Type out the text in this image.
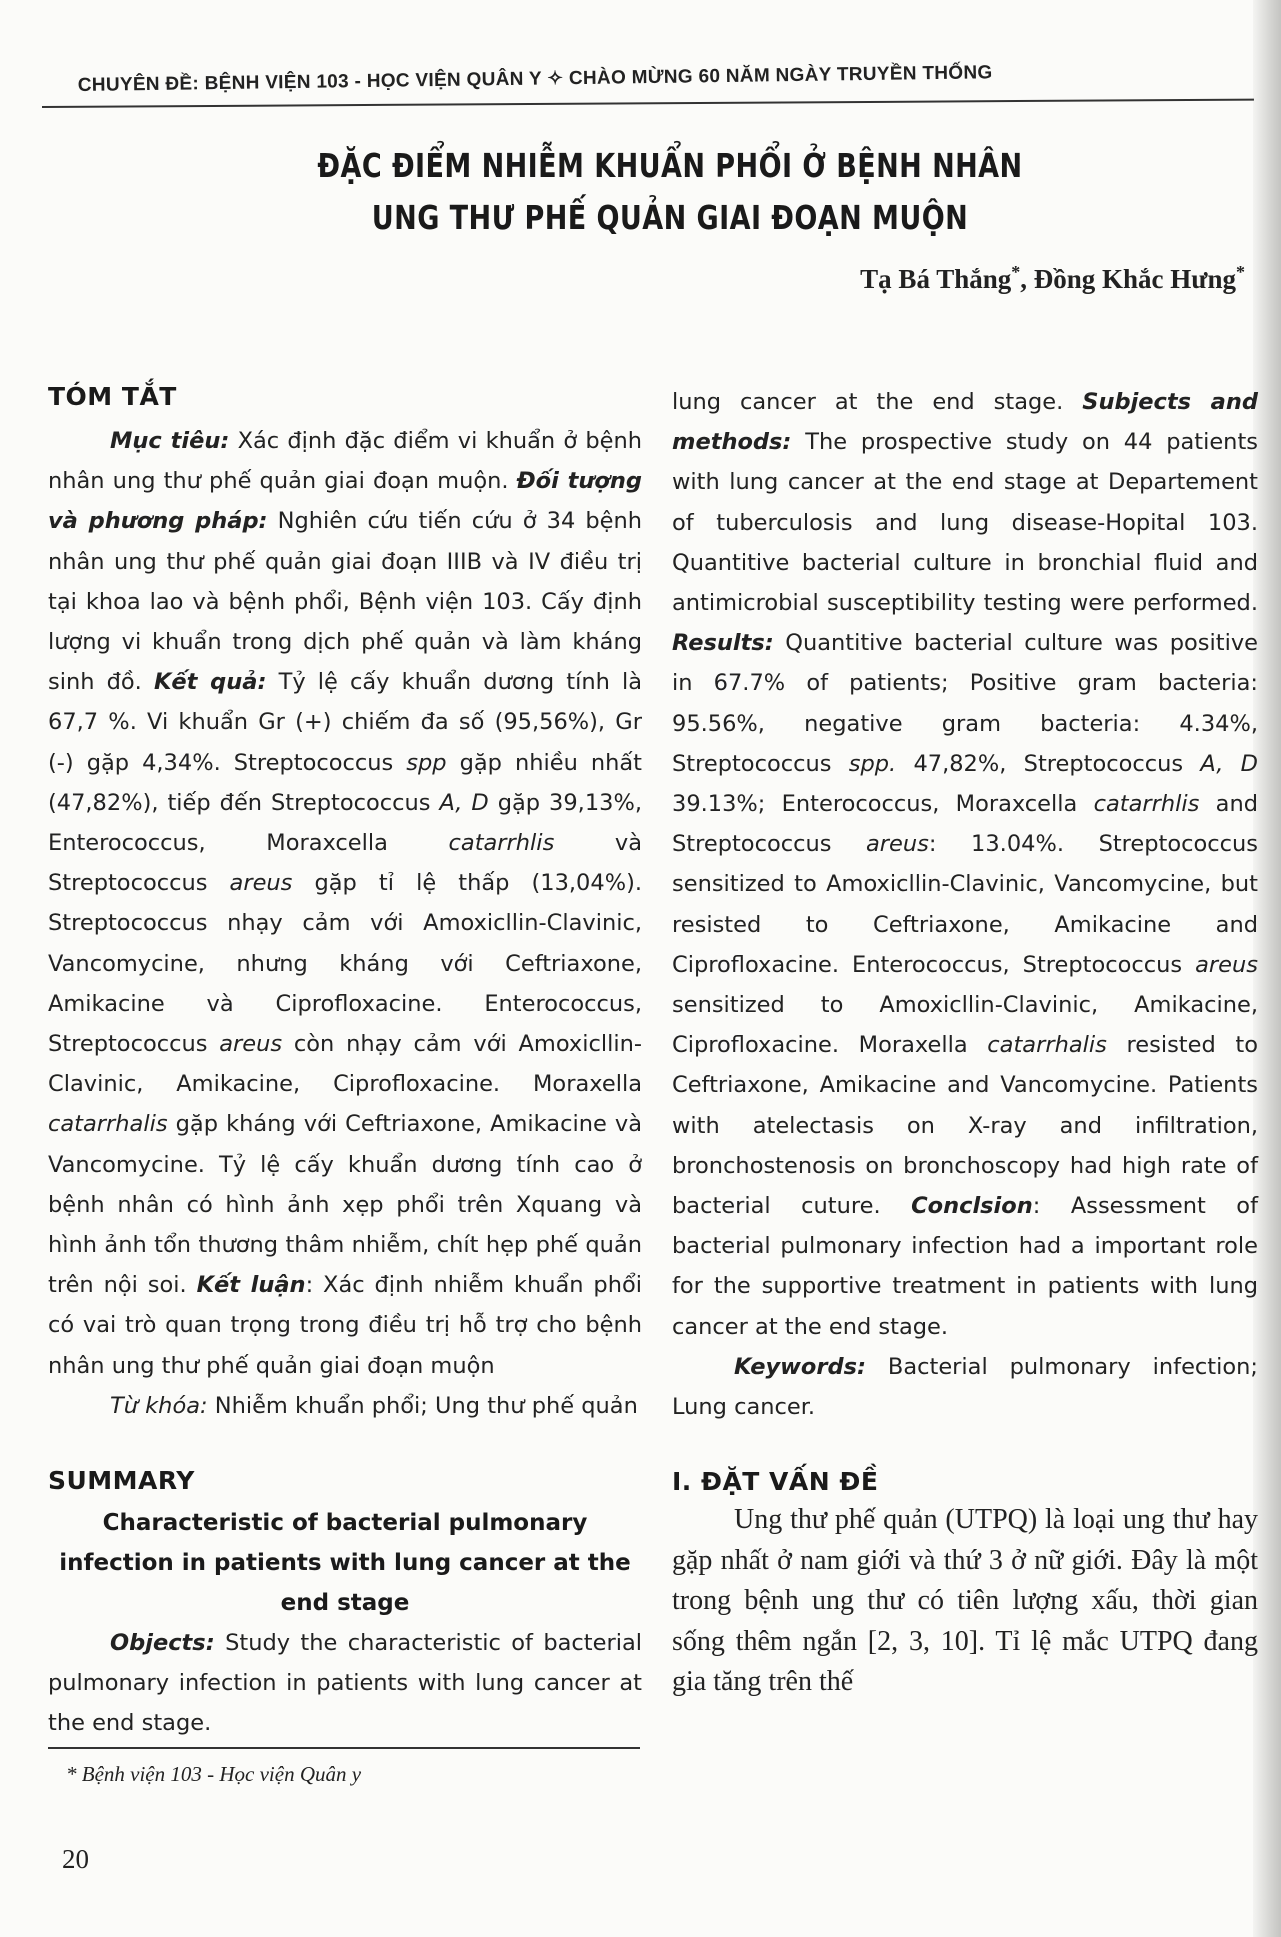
CHUYÊN ĐỀ: BỆNH VIỆN 103 - HỌC VIỆN QUÂN Y ✧ CHÀO MỪNG 60 NĂM NGÀY TRUYỀN THỐNG
ĐẶC ĐIỂM NHIỄM KHUẨN PHỔI Ở BỆNH NHÂN
UNG THƯ PHẾ QUẢN GIAI ĐOẠN MUỘN
Tạ Bá Thắng*, Đồng Khắc Hưng*
TÓM TẮT

Mục tiêu: Xác định đặc điểm vi khuẩn ở bệnh nhân ung thư phế quản giai đoạn muộn. Đối tượng và phương pháp: Nghiên cứu tiến cứu ở 34 bệnh nhân ung thư phế quản giai đoạn IIIB và IV điều trị tại khoa lao và bệnh phổi, Bệnh viện 103. Cấy định lượng vi khuẩn trong dịch phế quản và làm kháng sinh đồ. Kết quả: Tỷ lệ cấy khuẩn dương tính là 67,7 %. Vi khuẩn Gr (+) chiếm đa số (95,56%), Gr (-) gặp 4,34%. Streptococcus spp gặp nhiều nhất (47,82%), tiếp đến Streptococcus A, D gặp 39,13%, Enterococcus, Moraxcella catarrhlis và Streptococcus areus gặp tỉ lệ thấp (13,04%). Streptococcus nhạy cảm với Amoxicllin-Clavinic, Vancomycine, nhưng kháng với Ceftriaxone, Amikacine và Ciprofloxacine. Enterococcus, Streptococcus areus còn nhạy cảm với Amoxicllin-Clavinic, Amikacine, Ciprofloxacine. Moraxella catarrhalis gặp kháng với Ceftriaxone, Amikacine và Vancomycine. Tỷ lệ cấy khuẩn dương tính cao ở bệnh nhân có hình ảnh xẹp phổi trên Xquang và hình ảnh tổn thương thâm nhiễm, chít hẹp phế quản trên nội soi. Kết luận: Xác định nhiễm khuẩn phổi có vai trò quan trọng trong điều trị hỗ trợ cho bệnh nhân ung thư phế quản giai đoạn muộn

Từ khóa: Nhiễm khuẩn phổi; Ung thư phế quản

SUMMARY

Characteristic of bacterial pulmonary infection in patients with lung cancer at the end stage

Objects: Study the characteristic of bacterial pulmonary infection in patients with lung cancer at the end stage.

* Bệnh viện 103 - Học viện Quân y
20

lung cancer at the end stage. Subjects and methods: The prospective study on 44 patients with lung cancer at the end stage at Departement of tuberculosis and lung disease-Hopital 103. Quantitive bacterial culture in bronchial fluid and antimicrobial susceptibility testing were performed. Results: Quantitive bacterial culture was positive in 67.7% of patients; Positive gram bacteria: 95.56%, negative gram bacteria: 4.34%, Streptococcus spp. 47,82%, Streptococcus A, D 39.13%; Enterococcus, Moraxcella catarrhlis and Streptococcus areus: 13.04%. Streptococcus sensitized to Amoxicllin-Clavinic, Vancomycine, but resisted to Ceftriaxone, Amikacine and Ciprofloxacine. Enterococcus, Streptococcus areus sensitized to Amoxicllin-Clavinic, Amikacine, Ciprofloxacine. Moraxella catarrhalis resisted to Ceftriaxone, Amikacine and Vancomycine. Patients with atelectasis on X-ray and infiltration, bronchostenosis on bronchoscopy had high rate of bacterial cuture. Conclsion: Assessment of bacterial pulmonary infection had a important role for the supportive treatment in patients with lung cancer at the end stage.

Keywords: Bacterial pulmonary infection; Lung cancer.

I. ĐẶT VẤN ĐỀ

Ung thư phế quản (UTPQ) là loại ung thư hay gặp nhất ở nam giới và thứ 3 ở nữ giới. Đây là một trong bệnh ung thư có tiên lượng xấu, thời gian sống thêm ngắn [2, 3, 10]. Tỉ lệ mắc UTPQ đang gia tăng trên thế
